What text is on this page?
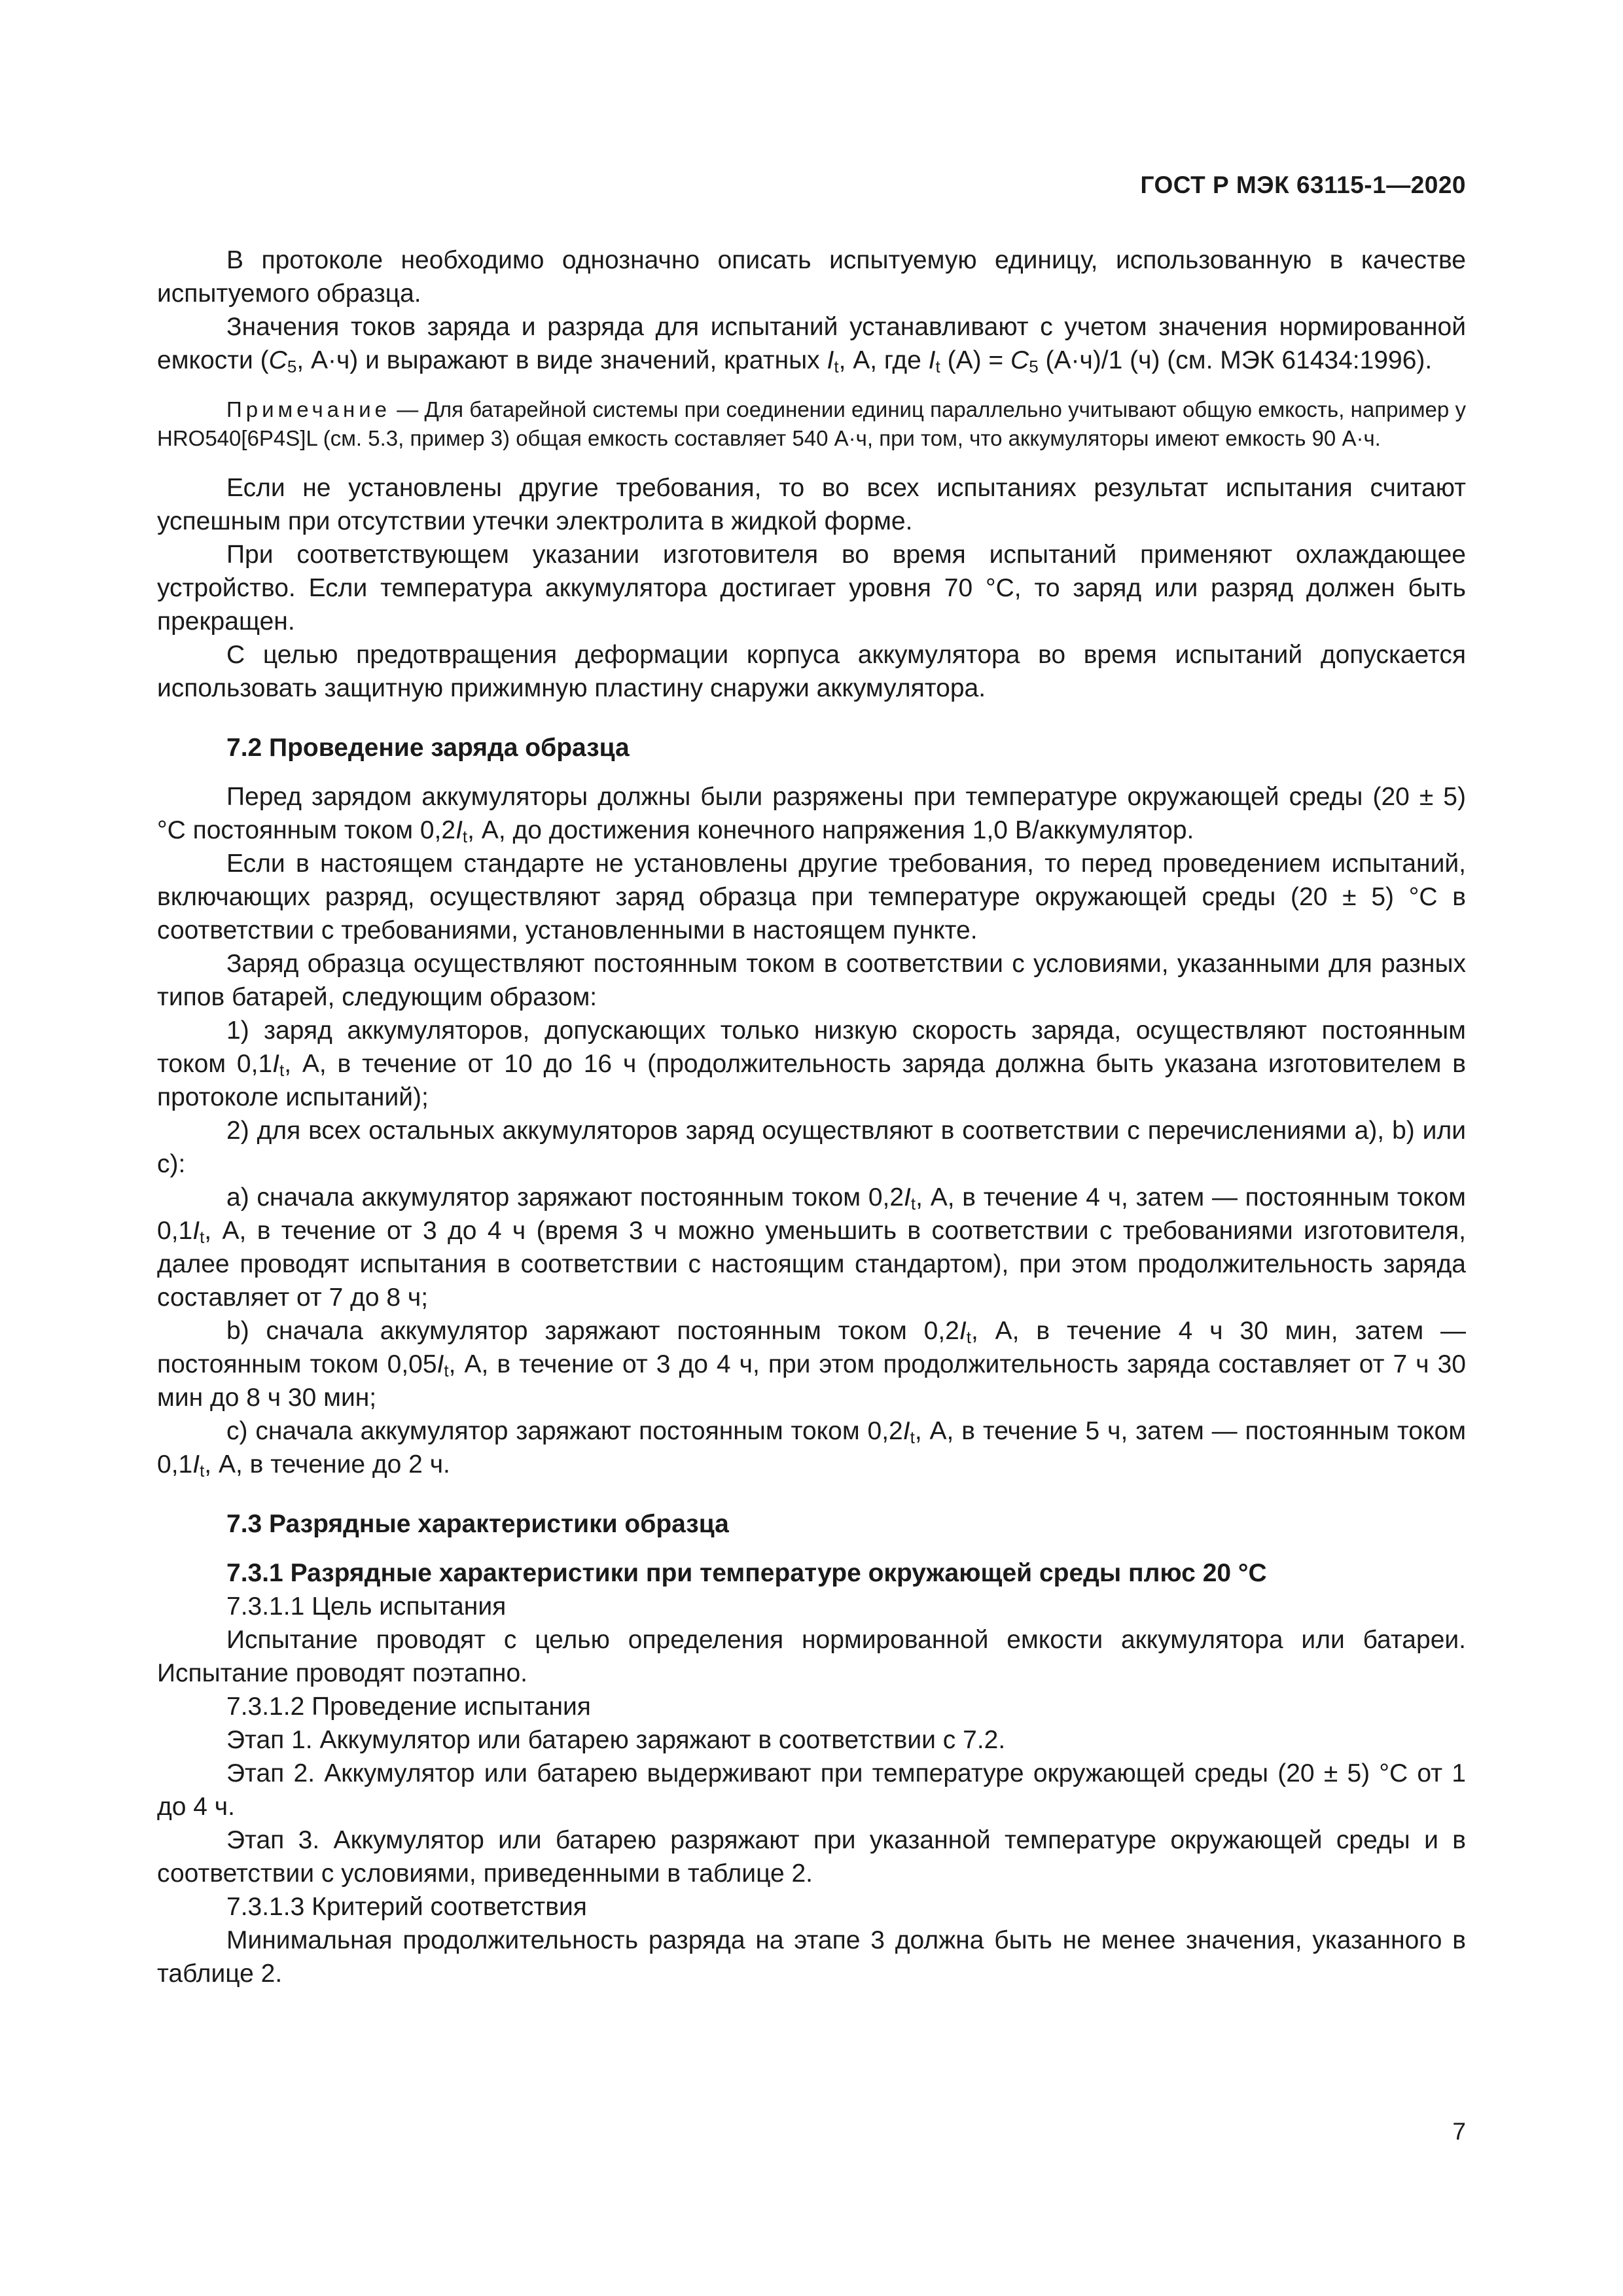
ГОСТ Р МЭК 63115-1—2020

В протоколе необходимо однозначно описать испытуемую единицу, использованную в качестве испытуемого образца.

Значения токов заряда и разряда для испытаний устанавливают с учетом значения нормированной емкости ($C_5$, А·ч) и выражают в виде значений, кратных $I_t$, А, где $I_t$ $(А) = C_5$ (А·ч)/1 (ч) (см. МЭК 61434:1996).

Примечание — Для батарейной системы при соединении единиц параллельно учитывают общую емкость, например у HRO540[6P4S]L (см. 5.3, пример 3) общая емкость составляет 540 А·ч, при том, что аккумуляторы имеют емкость 90 А·ч.

Если не установлены другие требования, то во всех испытаниях результат испытания считают успешным при отсутствии утечки электролита в жидкой форме.

При соответствующем указании изготовителя во время испытаний применяют охлаждающее устройство. Если температура аккумулятора достигает уровня 70 °С, то заряд или разряд должен быть прекращен.

С целью предотвращения деформации корпуса аккумулятора во время испытаний допускается использовать защитную прижимную пластину снаружи аккумулятора.

7.2 Проведение заряда образца

Перед зарядом аккумуляторы должны были разряжены при температуре окружающей среды (20 ± 5) °С постоянным током $0,2I_t$, А, до достижения конечного напряжения 1,0 В/аккумулятор.

Если в настоящем стандарте не установлены другие требования, то перед проведением испытаний, включающих разряд, осуществляют заряд образца при температуре окружающей среды (20 ± 5) °С в соответствии с требованиями, установленными в настоящем пункте.

Заряд образца осуществляют постоянным током в соответствии с условиями, указанными для разных типов батарей, следующим образом:

1) заряд аккумуляторов, допускающих только низкую скорость заряда, осуществляют постоянным током $0,1I_t$, А, в течение от 10 до 16 ч (продолжительность заряда должна быть указана изготовителем в протоколе испытаний);

2) для всех остальных аккумуляторов заряд осуществляют в соответствии с перечислениями а), b) или c):

а) сначала аккумулятор заряжают постоянным током $0,2I_t$, А, в течение 4 ч, затем — постоянным током $0,1I_t$, А, в течение от 3 до 4 ч (время 3 ч можно уменьшить в соответствии с требованиями изготовителя, далее проводят испытания в соответствии с настоящим стандартом), при этом продолжительность заряда составляет от 7 до 8 ч;

b) сначала аккумулятор заряжают постоянным током $0,2I_t$, А, в течение 4 ч 30 мин, затем — постоянным током $0,05I_t$, А, в течение от 3 до 4 ч, при этом продолжительность заряда составляет от 7 ч 30 мин до 8 ч 30 мин;

c) сначала аккумулятор заряжают постоянным током $0,2I_t$, А, в течение 5 ч, затем — постоянным током $0,1I_t$, А, в течение до 2 ч.

7.3 Разрядные характеристики образца
7.3.1 Разрядные характеристики при температуре окружающей среды плюс 20 °С

7.3.1.1 Цель испытания

Испытание проводят с целью определения нормированной емкости аккумулятора или батареи. Испытание проводят поэтапно.

7.3.1.2 Проведение испытания

Этап 1. Аккумулятор или батарею заряжают в соответствии с 7.2.

Этап 2. Аккумулятор или батарею выдерживают при температуре окружающей среды (20 ± 5) °С от 1 до 4 ч.

Этап 3. Аккумулятор или батарею разряжают при указанной температуре окружающей среды и в соответствии с условиями, приведенными в таблице 2.

7.3.1.3 Критерий соответствия

Минимальная продолжительность разряда на этапе 3 должна быть не менее значения, указанного в таблице 2.

7
